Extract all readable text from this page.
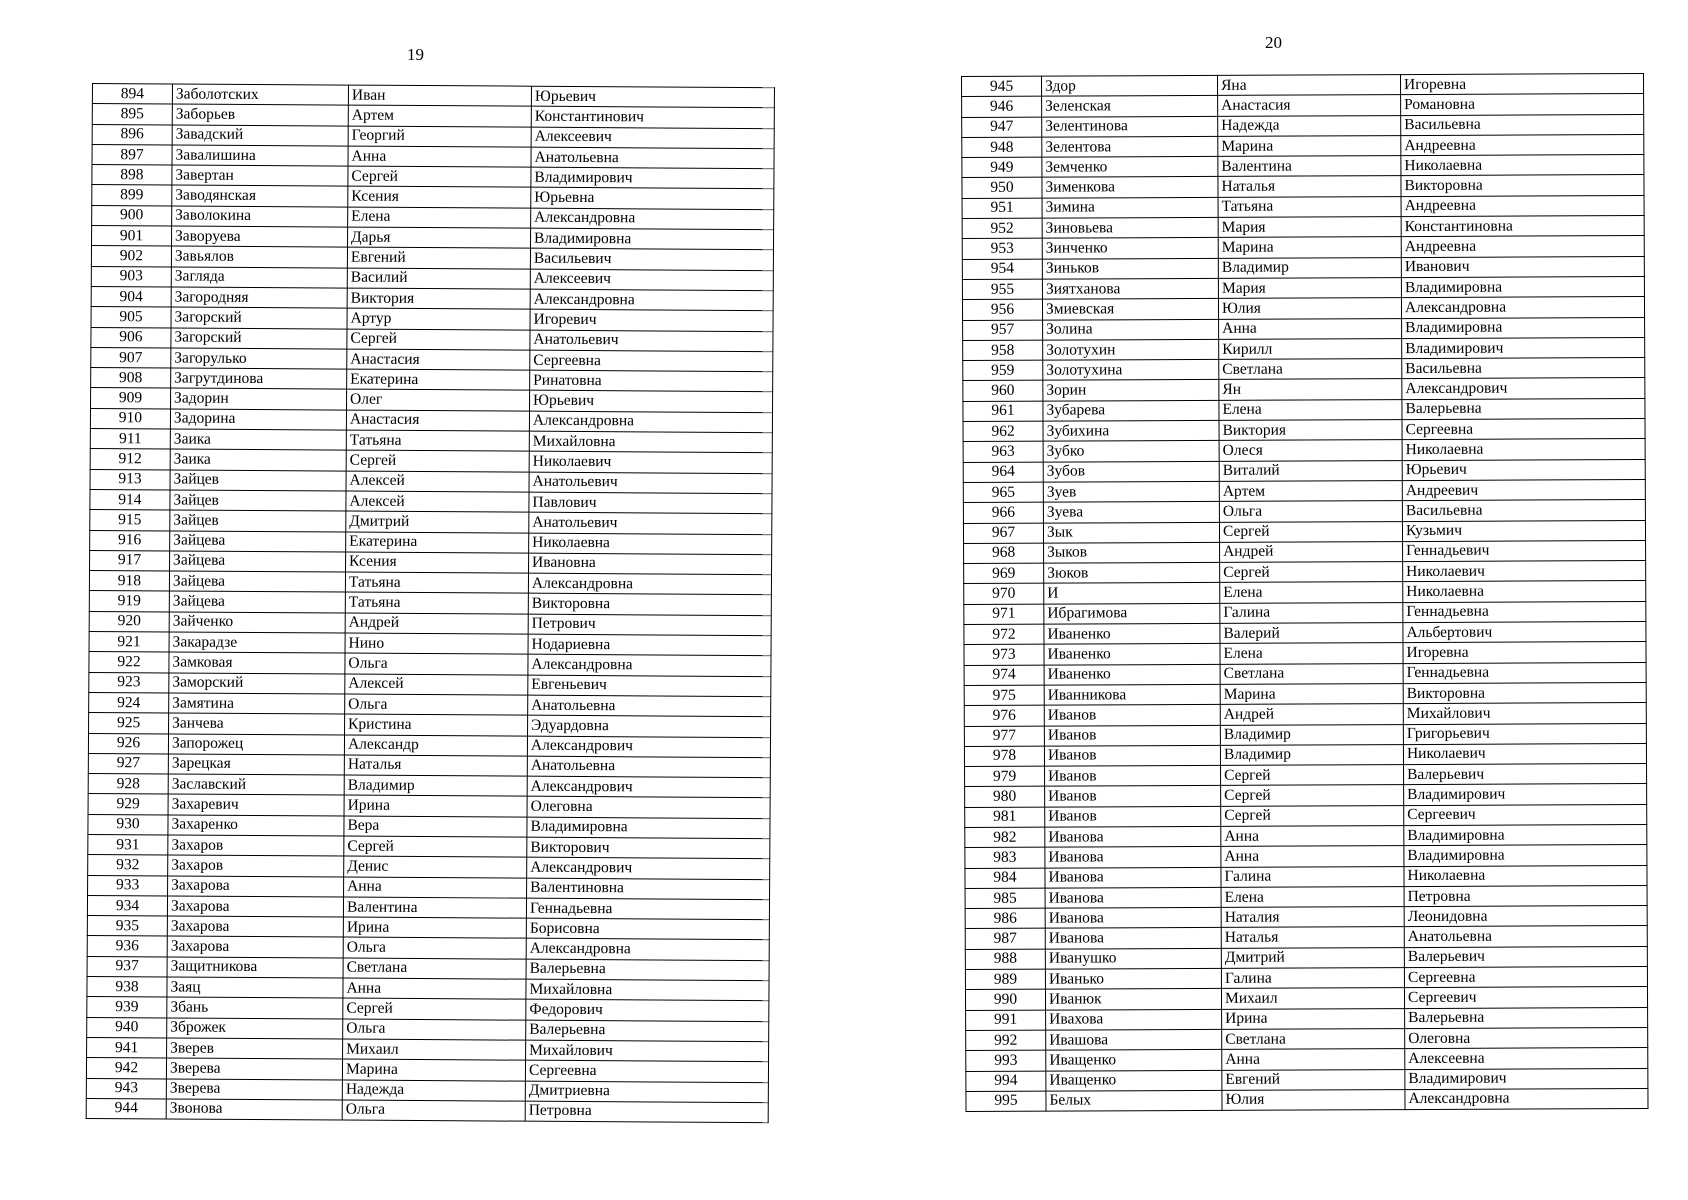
19
894	Заболотских	Иван	Юрьевич
895	Заборьев	Артем	Константинович
896	Завадский	Георгий	Алексеевич
897	Завалишина	Анна	Анатольевна
898	Завертан	Сергей	Владимирович
899	Заводянская	Ксения	Юрьевна
900	Заволокина	Елена	Александровна
901	Заворуева	Дарья	Владимировна
902	Завьялов	Евгений	Васильевич
903	Загляда	Василий	Алексеевич
904	Загородняя	Виктория	Александровна
905	Загорский	Артур	Игоревич
906	Загорский	Сергей	Анатольевич
907	Загорулько	Анастасия	Сергеевна
908	Загрутдинова	Екатерина	Ринатовна
909	Задорин	Олег	Юрьевич
910	Задорина	Анастасия	Александровна
911	Заика	Татьяна	Михайловна
912	Заика	Сергей	Николаевич
913	Зайцев	Алексей	Анатольевич
914	Зайцев	Алексей	Павлович
915	Зайцев	Дмитрий	Анатольевич
916	Зайцева	Екатерина	Николаевна
917	Зайцева	Ксения	Ивановна
918	Зайцева	Татьяна	Александровна
919	Зайцева	Татьяна	Викторовна
920	Зайченко	Андрей	Петрович
921	Закарадзе	Нино	Нодариевна
922	Замковая	Ольга	Александровна
923	Заморский	Алексей	Евгеньевич
924	Замятина	Ольга	Анатольевна
925	Занчева	Кристина	Эдуардовна
926	Запорожец	Александр	Александрович
927	Зарецкая	Наталья	Анатольевна
928	Заславский	Владимир	Александрович
929	Захаревич	Ирина	Олеговна
930	Захаренко	Вера	Владимировна
931	Захаров	Сергей	Викторович
932	Захаров	Денис	Александрович
933	Захарова	Анна	Валентиновна
934	Захарова	Валентина	Геннадьевна
935	Захарова	Ирина	Борисовна
936	Захарова	Ольга	Александровна
937	Защитникова	Светлана	Валерьевна
938	Заяц	Анна	Михайловна
939	Збань	Сергей	Федорович
940	Зброжек	Ольга	Валерьевна
941	Зверев	Михаил	Михайлович
942	Зверева	Марина	Сергеевна
943	Зверева	Надежда	Дмитриевна
944	Звонова	Ольга	Петровна
20
945	Здор	Яна	Игоревна
946	Зеленская	Анастасия	Романовна
947	Зелентинова	Надежда	Васильевна
948	Зелентова	Марина	Андреевна
949	Земченко	Валентина	Николаевна
950	Зименкова	Наталья	Викторовна
951	Зимина	Татьяна	Андреевна
952	Зиновьева	Мария	Константиновна
953	Зинченко	Марина	Андреевна
954	Зиньков	Владимир	Иванович
955	Зиятханова	Мария	Владимировна
956	Змиевская	Юлия	Александровна
957	Золина	Анна	Владимировна
958	Золотухин	Кирилл	Владимирович
959	Золотухина	Светлана	Васильевна
960	Зорин	Ян	Александрович
961	Зубарева	Елена	Валерьевна
962	Зубихина	Виктория	Сергеевна
963	Зубко	Олеся	Николаевна
964	Зубов	Виталий	Юрьевич
965	Зуев	Артем	Андреевич
966	Зуева	Ольга	Васильевна
967	Зык	Сергей	Кузьмич
968	Зыков	Андрей	Геннадьевич
969	Зюков	Сергей	Николаевич
970	И	Елена	Николаевна
971	Ибрагимова	Галина	Геннадьевна
972	Иваненко	Валерий	Альбертович
973	Иваненко	Елена	Игоревна
974	Иваненко	Светлана	Геннадьевна
975	Иванникова	Марина	Викторовна
976	Иванов	Андрей	Михайлович
977	Иванов	Владимир	Григорьевич
978	Иванов	Владимир	Николаевич
979	Иванов	Сергей	Валерьевич
980	Иванов	Сергей	Владимирович
981	Иванов	Сергей	Сергеевич
982	Иванова	Анна	Владимировна
983	Иванова	Анна	Владимировна
984	Иванова	Галина	Николаевна
985	Иванова	Елена	Петровна
986	Иванова	Наталия	Леонидовна
987	Иванова	Наталья	Анатольевна
988	Иванушко	Дмитрий	Валерьевич
989	Иванько	Галина	Сергеевна
990	Иванюк	Михаил	Сергеевич
991	Ивахова	Ирина	Валерьевна
992	Ивашова	Светлана	Олеговна
993	Иващенко	Анна	Алексеевна
994	Иващенко	Евгений	Владимирович
995	Белых	Юлия	Александровна
